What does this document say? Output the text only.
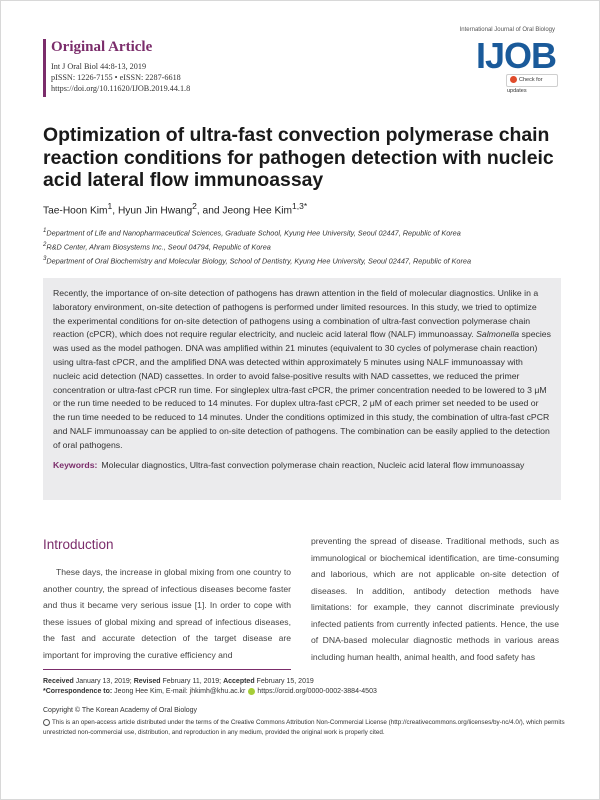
Original Article
Int J Oral Biol 44:8-13, 2019
pISSN: 1226-7155 • eISSN: 2287-6618
https://doi.org/10.11620/IJOB.2019.44.1.8
International Journal of Oral Biology
IJOB
Check for updates
Optimization of ultra-fast convection polymerase chain reaction conditions for pathogen detection with nucleic acid lateral flow immunoassay
Tae-Hoon Kim$^1$, Hyun Jin Hwang$^2$, and Jeong Hee Kim$^{1,3*}$
$^1$Department of Life and Nanopharmaceutical Sciences, Graduate School, Kyung Hee University, Seoul 02447, Republic of Korea
$^2$R&D Center, Ahram Biosystems Inc., Seoul 04794, Republic of Korea
$^3$Department of Oral Biochemistry and Molecular Biology, School of Dentistry, Kyung Hee University, Seoul 02447, Republic of Korea
Recently, the importance of on-site detection of pathogens has drawn attention in the field of molecular diagnostics. Unlike in a laboratory environment, on-site detection of pathogens is performed under limited resources. In this study, we tried to optimize the experimental conditions for on-site detection of pathogens using a combination of ultra-fast convection polymerase chain reaction (cPCR), which does not require regular electricity, and nucleic acid lateral flow (NALF) immunoassay. Salmonella species was used as the model pathogen. DNA was amplified within 21 minutes (equivalent to 30 cycles of polymerase chain reaction) using ultra-fast cPCR, and the amplified DNA was detected within approximately 5 minutes using NALF immunoassay with nucleic acid detection (NAD) cassettes. In order to avoid false-positive results with NAD cassettes, we reduced the primer concentration or ultra-fast cPCR run time. For singleplex ultra-fast cPCR, the primer concentration needed to be lowered to 3 μM or the run time needed to be reduced to 14 minutes. For duplex ultra-fast cPCR, 2 μM of each primer set needed to be used or the run time needed to be reduced to 14 minutes. Under the conditions optimized in this study, the combination of ultra-fast cPCR and NALF immunoassay can be applied to on-site detection of pathogens. The combination can be easily applied to the detection of oral pathogens.
Keywords: Molecular diagnostics, Ultra-fast convection polymerase chain reaction, Nucleic acid lateral flow immunoassay
Introduction
These days, the increase in global mixing from one country to another country, the spread of infectious diseases become faster and thus it became very serious issue [1]. In order to cope with these issues of global mixing and spread of infectious diseases, the fast and accurate detection of the target disease are important for improving the curative efficiency and
preventing the spread of disease. Traditional methods, such as immunological or biochemical identification, are time-consuming and laborious, which are not applicable on-site detection of diseases. In addition, antibody detection methods have limitations: for example, they cannot discriminate previously infected patients from currently infected patients. Hence, the use of DNA-based molecular diagnostic methods in various areas including human health, animal health, and food safety has
Received January 13, 2019; Revised February 11, 2019; Accepted February 15, 2019
*Correspondence to: Jeong Hee Kim, E-mail: jhkimh@khu.ac.kr https://orcid.org/0000-0002-3884-4503
Copyright © The Korean Academy of Oral Biology
This is an open-access article distributed under the terms of the Creative Commons Attribution Non-Commercial License (http://creativecommons.org/licenses/by-nc/4.0/), which permits unrestricted non-commercial use, distribution, and reproduction in any medium, provided the original work is properly cited.
